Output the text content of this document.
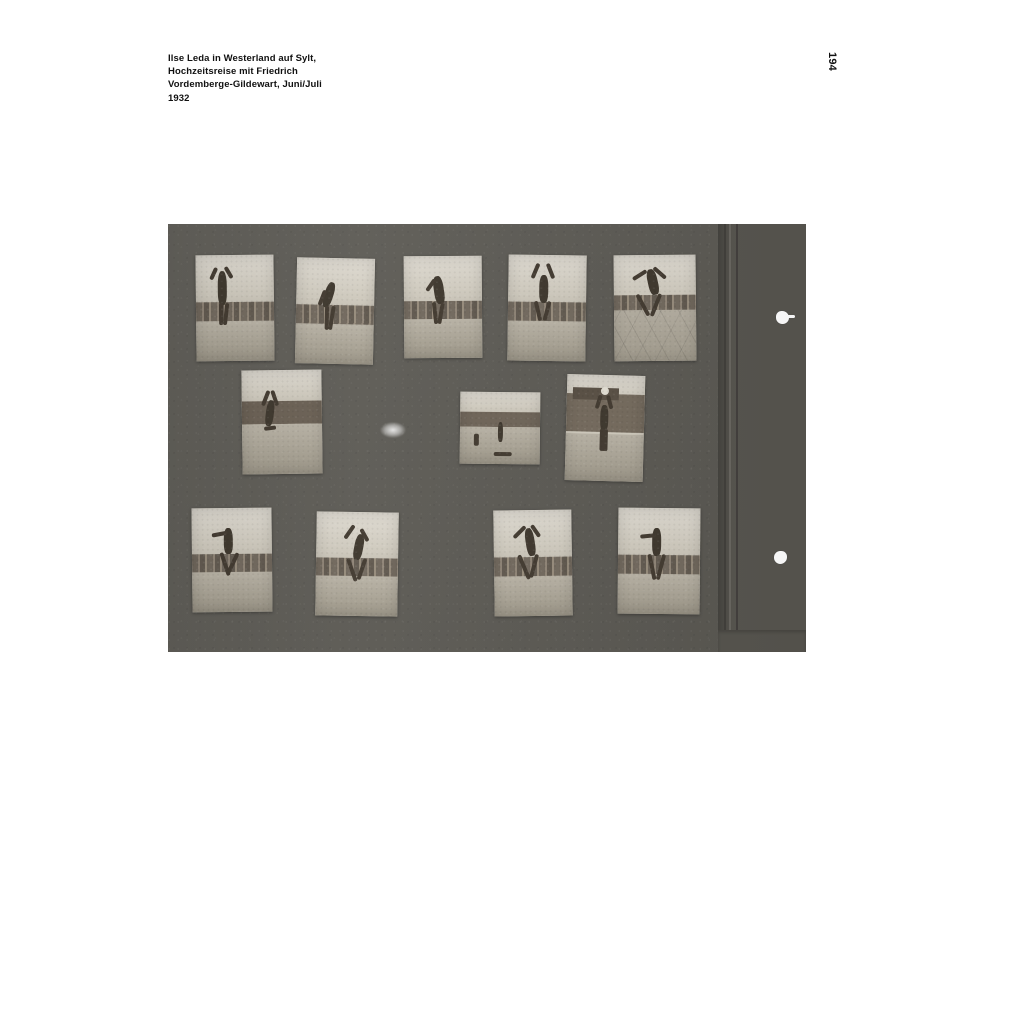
Ilse Leda in Westerland auf Sylt, Hochzeitsreise mit Friedrich Vordemberge-Gildewart, Juni/Juli 1932
194
